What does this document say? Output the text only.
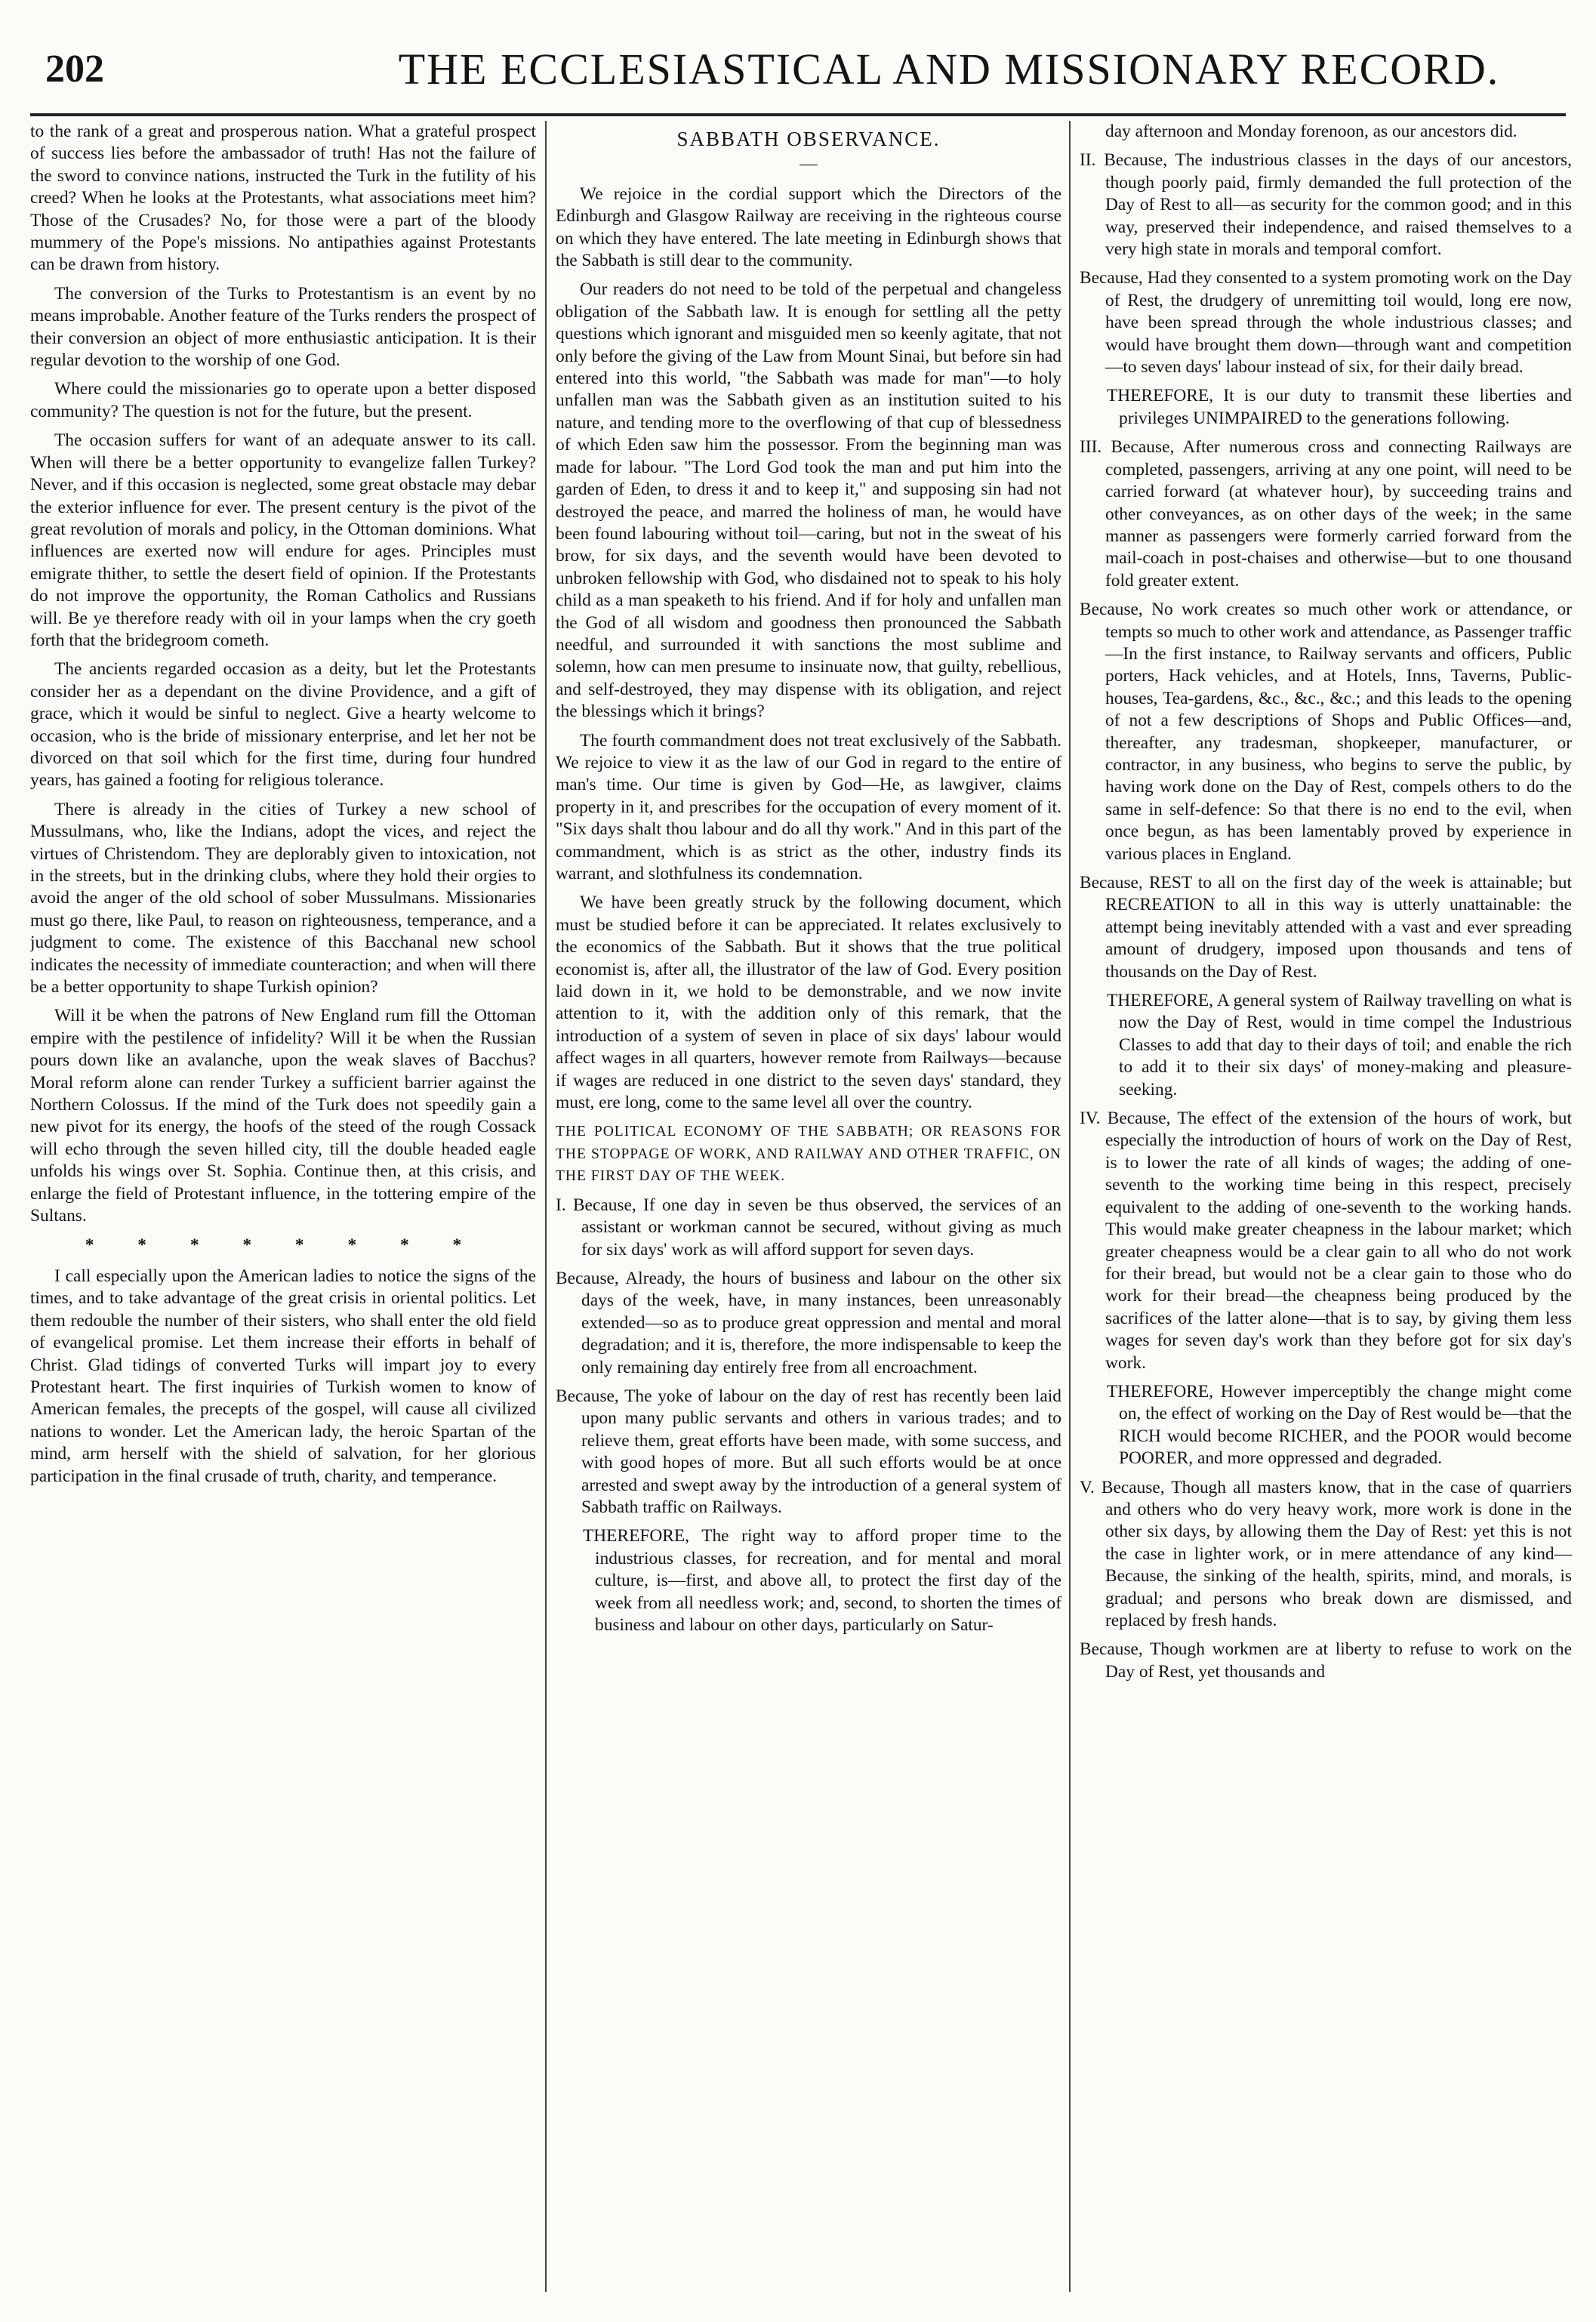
202	THE ECCLESIASTICAL AND MISSIONARY RECORD.

to the rank of a great and prosperous nation. What a grateful prospect of success lies before the ambassador of truth! Has not the failure of the sword to convince nations, instructed the Turk in the futility of his creed? When he looks at the Protestants, what associations meet him? Those of the Crusades? No, for those were a part of the bloody mummery of the Pope's missions. No antipathies against Protestants can be drawn from history.

The conversion of the Turks to Protestantism is an event by no means improbable. Another feature of the Turks renders the prospect of their conversion an object of more enthusiastic anticipation. It is their regular devotion to the worship of one God.

Where could the missionaries go to operate upon a better disposed community? The question is not for the future, but the present.

The occasion suffers for want of an adequate answer to its call. When will there be a better opportunity to evangelize fallen Turkey? Never, and if this occasion is neglected, some great obstacle may debar the exterior influence for ever. The present century is the pivot of the great revolution of morals and policy, in the Ottoman dominions. What influences are exerted now will endure for ages. Principles must emigrate thither, to settle the desert field of opinion. If the Protestants do not improve the opportunity, the Roman Catholics and Russians will. Be ye therefore ready with oil in your lamps when the cry goeth forth that the bridegroom cometh.

The ancients regarded occasion as a deity, but let the Protestants consider her as a dependant on the divine Providence, and a gift of grace, which it would be sinful to neglect. Give a hearty welcome to occasion, who is the bride of missionary enterprise, and let her not be divorced on that soil which for the first time, during four hundred years, has gained a footing for religious tolerance.

There is already in the cities of Turkey a new school of Mussulmans, who, like the Indians, adopt the vices, and reject the virtues of Christendom. They are deplorably given to intoxication, not in the streets, but in the drinking clubs, where they hold their orgies to avoid the anger of the old school of sober Mussulmans. Missionaries must go there, like Paul, to reason on righteousness, temperance, and a judgment to come. The existence of this Bacchanal new school indicates the necessity of immediate counteraction; and when will there be a better opportunity to shape Turkish opinion?

Will it be when the patrons of New England rum fill the Ottoman empire with the pestilence of infidelity? Will it be when the Russian pours down like an avalanche, upon the weak slaves of Bacchus? Moral reform alone can render Turkey a sufficient barrier against the Northern Colossus. If the mind of the Turk does not speedily gain a new pivot for its energy, the hoofs of the steed of the rough Cossack will echo through the seven hilled city, till the double headed eagle unfolds his wings over St. Sophia. Continue then, at this crisis, and enlarge the field of Protestant influence, in the tottering empire of the Sultans.

* * * * * * * *

I call especially upon the American ladies to notice the signs of the times, and to take advantage of the great crisis in oriental politics. Let them redouble the number of their sisters, who shall enter the old field of evangelical promise. Let them increase their efforts in behalf of Christ. Glad tidings of converted Turks will impart joy to every Protestant heart. The first inquiries of Turkish women to know of American females, the precepts of the gospel, will cause all civilized nations to wonder. Let the American lady, the heroic Spartan of the mind, arm herself with the shield of salvation, for her glorious participation in the final crusade of truth, charity, and temperance.

SABBATH OBSERVANCE.

—

We rejoice in the cordial support which the Directors of the Edinburgh and Glasgow Railway are receiving in the righteous course on which they have entered. The late meeting in Edinburgh shows that the Sabbath is still dear to the community.

Our readers do not need to be told of the perpetual and changeless obligation of the Sabbath law. It is enough for settling all the petty questions which ignorant and misguided men so keenly agitate, that not only before the giving of the Law from Mount Sinai, but before sin had entered into this world, "the Sabbath was made for man"—to holy unfallen man was the Sabbath given as an institution suited to his nature, and tending more to the overflowing of that cup of blessedness of which Eden saw him the possessor. From the beginning man was made for labour. "The Lord God took the man and put him into the garden of Eden, to dress it and to keep it," and supposing sin had not destroyed the peace, and marred the holiness of man, he would have been found labouring without toil—caring, but not in the sweat of his brow, for six days, and the seventh would have been devoted to unbroken fellowship with God, who disdained not to speak to his holy child as a man speaketh to his friend. And if for holy and unfallen man the God of all wisdom and goodness then pronounced the Sabbath needful, and surrounded it with sanctions the most sublime and solemn, how can men presume to insinuate now, that guilty, rebellious, and self-destroyed, they may dispense with its obligation, and reject the blessings which it brings?

The fourth commandment does not treat exclusively of the Sabbath. We rejoice to view it as the law of our God in regard to the entire of man's time. Our time is given by God—He, as lawgiver, claims property in it, and prescribes for the occupation of every moment of it. "Six days shalt thou labour and do all thy work." And in this part of the commandment, which is as strict as the other, industry finds its warrant, and slothfulness its condemnation.

We have been greatly struck by the following document, which must be studied before it can be appreciated. It relates exclusively to the economics of the Sabbath. But it shows that the true political economist is, after all, the illustrator of the law of God. Every position laid down in it, we hold to be demonstrable, and we now invite attention to it, with the addition only of this remark, that the introduction of a system of seven in place of six days' labour would affect wages in all quarters, however remote from Railways—because if wages are reduced in one district to the seven days' standard, they must, ere long, come to the same level all over the country.

THE POLITICAL ECONOMY OF THE SABBATH; OR REASONS FOR THE STOPPAGE OF WORK, AND RAILWAY AND OTHER TRAFFIC, ON THE FIRST DAY OF THE WEEK.

I. Because, If one day in seven be thus observed, the services of an assistant or workman cannot be secured, without giving as much for six days' work as will afford support for seven days.

Because, Already, the hours of business and labour on the other six days of the week, have, in many instances, been unreasonably extended—so as to produce great oppression and mental and moral degradation; and it is, therefore, the more indispensable to keep the only remaining day entirely free from all encroachment.

Because, The yoke of labour on the day of rest has recently been laid upon many public servants and others in various trades; and to relieve them, great efforts have been made, with some success, and with good hopes of more. But all such efforts would be at once arrested and swept away by the introduction of a general system of Sabbath traffic on Railways.

THEREFORE, The right way to afford proper time to the industrious classes, for recreation, and for mental and moral culture, is—first, and above all, to protect the first day of the week from all needless work; and, second, to shorten the times of business and labour on other days, particularly on Satur-

day afternoon and Monday forenoon, as our ancestors did.

II. Because, The industrious classes in the days of our ancestors, though poorly paid, firmly demanded the full protection of the Day of Rest to all—as security for the common good; and in this way, preserved their independence, and raised themselves to a very high state in morals and temporal comfort.

Because, Had they consented to a system promoting work on the Day of Rest, the drudgery of unremitting toil would, long ere now, have been spread through the whole industrious classes; and would have brought them down—through want and competition—to seven days' labour instead of six, for their daily bread.

THEREFORE, It is our duty to transmit these liberties and privileges UNIMPAIRED to the generations following.

III. Because, After numerous cross and connecting Railways are completed, passengers, arriving at any one point, will need to be carried forward (at whatever hour), by succeeding trains and other conveyances, as on other days of the week; in the same manner as passengers were formerly carried forward from the mail-coach in post-chaises and otherwise—but to one thousand fold greater extent.

Because, No work creates so much other work or attendance, or tempts so much to other work and attendance, as Passenger traffic—In the first instance, to Railway servants and officers, Public porters, Hack vehicles, and at Hotels, Inns, Taverns, Public-houses, Tea-gardens, &c., &c., &c.; and this leads to the opening of not a few descriptions of Shops and Public Offices—and, thereafter, any tradesman, shopkeeper, manufacturer, or contractor, in any business, who begins to serve the public, by having work done on the Day of Rest, compels others to do the same in self-defence: So that there is no end to the evil, when once begun, as has been lamentably proved by experience in various places in England.

Because, REST to all on the first day of the week is attainable; but RECREATION to all in this way is utterly unattainable: the attempt being inevitably attended with a vast and ever spreading amount of drudgery, imposed upon thousands and tens of thousands on the Day of Rest.

THEREFORE, A general system of Railway travelling on what is now the Day of Rest, would in time compel the Industrious Classes to add that day to their days of toil; and enable the rich to add it to their six days' of money-making and pleasure-seeking.

IV. Because, The effect of the extension of the hours of work, but especially the introduction of hours of work on the Day of Rest, is to lower the rate of all kinds of wages; the adding of one-seventh to the working time being in this respect, precisely equivalent to the adding of one-seventh to the working hands. This would make greater cheapness in the labour market; which greater cheapness would be a clear gain to all who do not work for their bread, but would not be a clear gain to those who do work for their bread—the cheapness being produced by the sacrifices of the latter alone—that is to say, by giving them less wages for seven day's work than they before got for six day's work.

THEREFORE, However imperceptibly the change might come on, the effect of working on the Day of Rest would be—that the RICH would become RICHER, and the POOR would become POORER, and more oppressed and degraded.

V. Because, Though all masters know, that in the case of quarriers and others who do very heavy work, more work is done in the other six days, by allowing them the Day of Rest: yet this is not the case in lighter work, or in mere attendance of any kind—Because, the sinking of the health, spirits, mind, and morals, is gradual; and persons who break down are dismissed, and replaced by fresh hands.

Because, Though workmen are at liberty to refuse to work on the Day of Rest, yet thousands and
